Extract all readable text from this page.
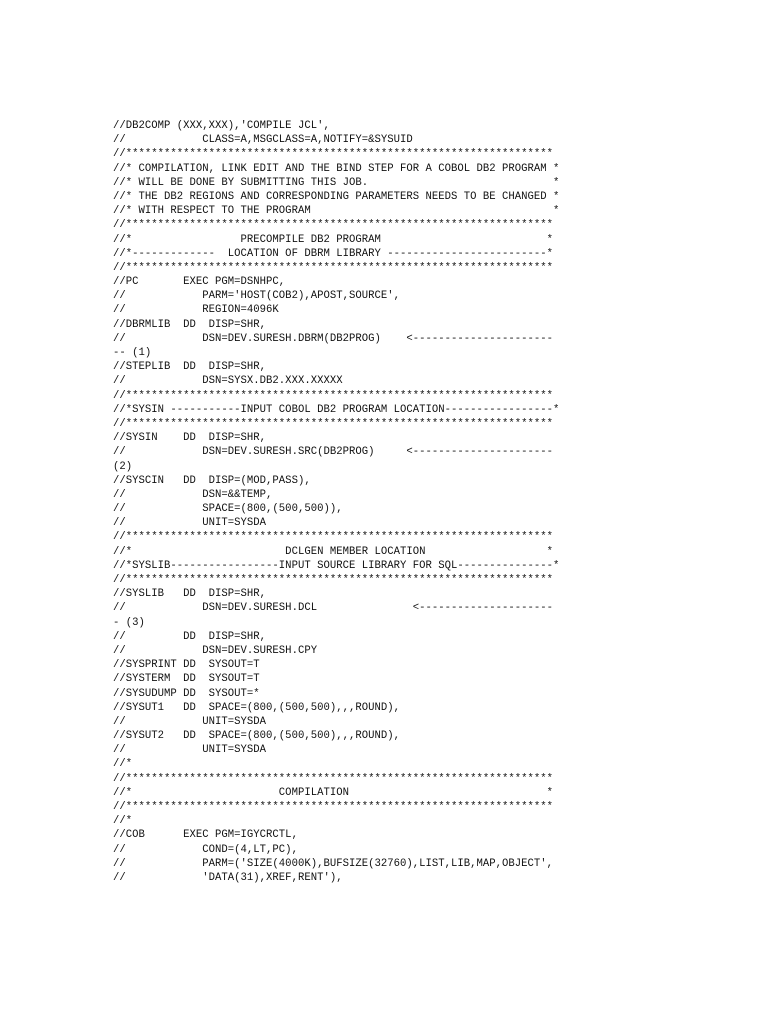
//DB2COMP (XXX,XXX),'COMPILE JCL',
//            CLASS=A,MSGCLASS=A,NOTIFY=&SYSUID
//*******************************************************************
//* COMPILATION, LINK EDIT AND THE BIND STEP FOR A COBOL DB2 PROGRAM *
//* WILL BE DONE BY SUBMITTING THIS JOB.                             *
//* THE DB2 REGIONS AND CORRESPONDING PARAMETERS NEEDS TO BE CHANGED *
//* WITH RESPECT TO THE PROGRAM                                      *
//*******************************************************************
//*                 PRECOMPILE DB2 PROGRAM                          *
//*-------------  LOCATION OF DBRM LIBRARY -------------------------*
//*******************************************************************
//PC       EXEC PGM=DSNHPC,
//            PARM='HOST(COB2),APOST,SOURCE',
//            REGION=4096K
//DBRMLIB  DD  DISP=SHR,
//            DSN=DEV.SURESH.DBRM(DB2PROG)    <----------------------
-- (1)
//STEPLIB  DD  DISP=SHR,
//            DSN=SYSX.DB2.XXX.XXXXX
//*******************************************************************
//*SYSIN -----------INPUT COBOL DB2 PROGRAM LOCATION-----------------*
//*******************************************************************
//SYSIN    DD  DISP=SHR,
//            DSN=DEV.SURESH.SRC(DB2PROG)     <----------------------
(2)
//SYSCIN   DD  DISP=(MOD,PASS),
//            DSN=&&TEMP,
//            SPACE=(800,(500,500)),
//            UNIT=SYSDA
//*******************************************************************
//*                        DCLGEN MEMBER LOCATION                   *
//*SYSLIB-----------------INPUT SOURCE LIBRARY FOR SQL---------------*
//*******************************************************************
//SYSLIB   DD  DISP=SHR,
//            DSN=DEV.SURESH.DCL               <---------------------
- (3)
//         DD  DISP=SHR,
//            DSN=DEV.SURESH.CPY
//SYSPRINT DD  SYSOUT=T
//SYSTERM  DD  SYSOUT=T
//SYSUDUMP DD  SYSOUT=*
//SYSUT1   DD  SPACE=(800,(500,500),,,ROUND),
//            UNIT=SYSDA
//SYSUT2   DD  SPACE=(800,(500,500),,,ROUND),
//            UNIT=SYSDA
//*
//*******************************************************************
//*                       COMPILATION                               *
//*******************************************************************
//*
//COB      EXEC PGM=IGYCRCTL,
//            COND=(4,LT,PC),
//            PARM=('SIZE(4000K),BUFSIZE(32760),LIST,LIB,MAP,OBJECT',
//            'DATA(31),XREF,RENT'),
